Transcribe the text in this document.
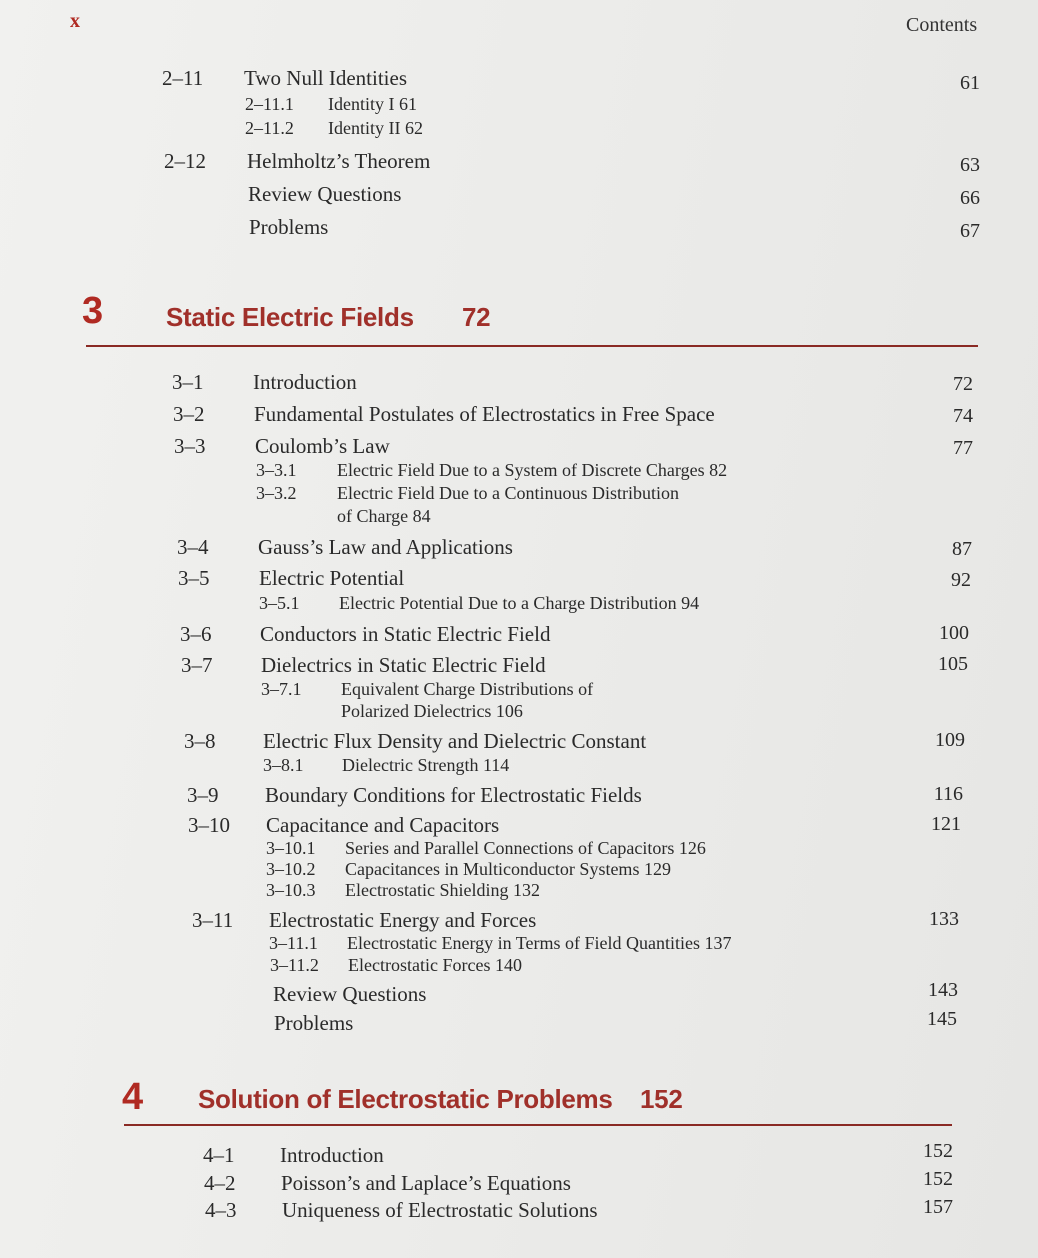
x	Contents
2–11 Two Null Identities	61
2–11.1 Identity I 61
2–11.2 Identity II 62
2–12 Helmholtz’s Theorem	63
Review Questions	66
Problems	67
3 Static Electric Fields 72
3–1 Introduction	72
3–2 Fundamental Postulates of Electrostatics in Free Space	74
3–3 Coulomb’s Law	77
3–3.1 Electric Field Due to a System of Discrete Charges 82
3–3.2 Electric Field Due to a Continuous Distribution
of Charge 84
3–4 Gauss’s Law and Applications	87
3–5 Electric Potential	92
3–5.1 Electric Potential Due to a Charge Distribution 94
3–6 Conductors in Static Electric Field	100
3–7 Dielectrics in Static Electric Field	105
3–7.1 Equivalent Charge Distributions of
Polarized Dielectrics 106
3–8 Electric Flux Density and Dielectric Constant	109
3–8.1 Dielectric Strength 114
3–9 Boundary Conditions for Electrostatic Fields	116
3–10 Capacitance and Capacitors	121
3–10.1 Series and Parallel Connections of Capacitors 126
3–10.2 Capacitances in Multiconductor Systems 129
3–10.3 Electrostatic Shielding 132
3–11 Electrostatic Energy and Forces	133
3–11.1 Electrostatic Energy in Terms of Field Quantities 137
3–11.2 Electrostatic Forces 140
Review Questions	143
Problems	145
4 Solution of Electrostatic Problems 152
4–1 Introduction	152
4–2 Poisson’s and Laplace’s Equations	152
4–3 Uniqueness of Electrostatic Solutions	157
